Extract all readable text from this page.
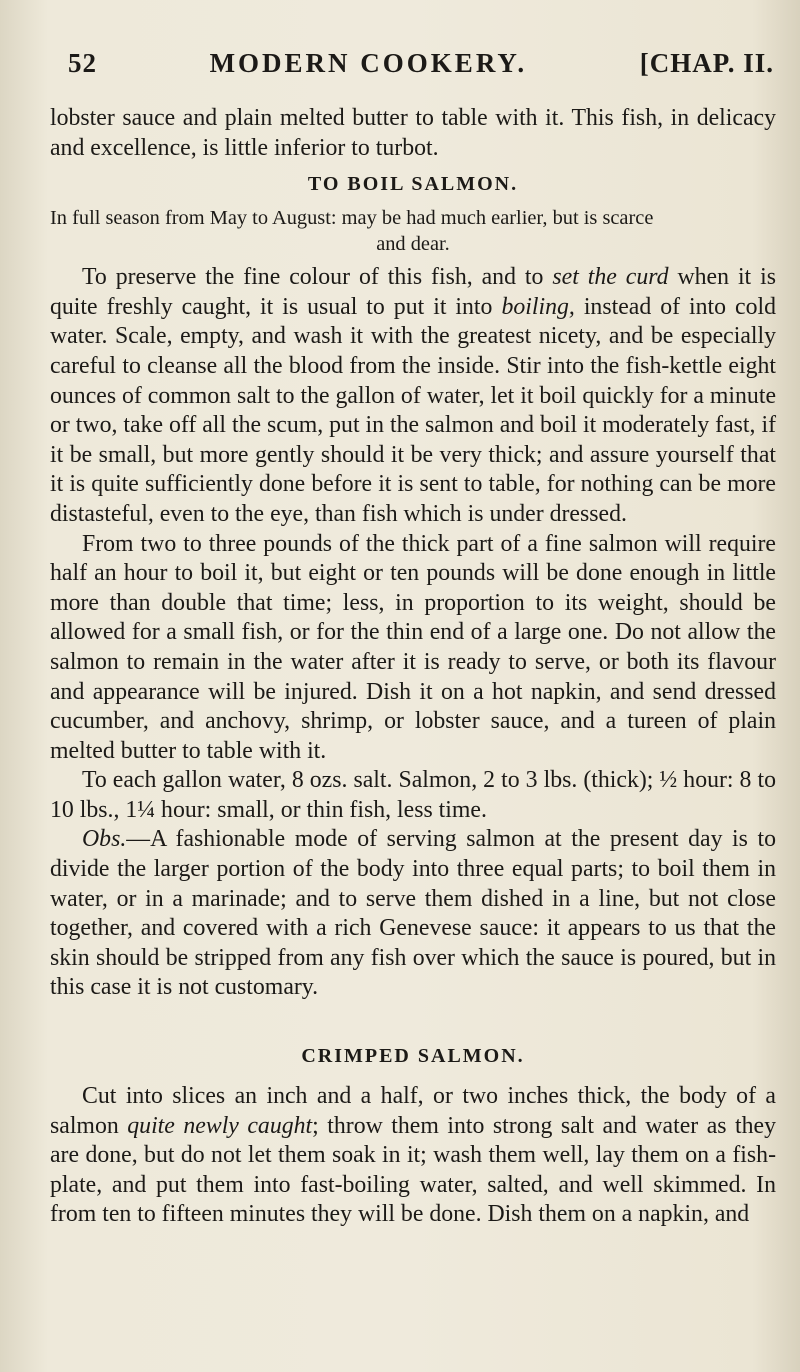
52	MODERN COOKERY.	[CHAP. II.

lobster sauce and plain melted butter to table with it. This fish, in delicacy and excellence, is little inferior to turbot.

TO BOIL SALMON.
In full season from May to August: may be had much earlier, but is scarce
and dear.

To preserve the fine colour of this fish, and to set the curd when it is quite freshly caught, it is usual to put it into boiling, instead of into cold water. Scale, empty, and wash it with the greatest nicety, and be especially careful to cleanse all the blood from the inside. Stir into the fish-kettle eight ounces of common salt to the gallon of water, let it boil quickly for a minute or two, take off all the scum, put in the salmon and boil it moderately fast, if it be small, but more gently should it be very thick; and assure yourself that it is quite sufficiently done before it is sent to table, for nothing can be more distasteful, even to the eye, than fish which is under dressed.

From two to three pounds of the thick part of a fine salmon will require half an hour to boil it, but eight or ten pounds will be done enough in little more than double that time; less, in proportion to its weight, should be allowed for a small fish, or for the thin end of a large one. Do not allow the salmon to remain in the water after it is ready to serve, or both its flavour and appearance will be injured. Dish it on a hot napkin, and send dressed cucumber, and anchovy, shrimp, or lobster sauce, and a tureen of plain melted butter to table with it.

To each gallon water, 8 ozs. salt. Salmon, 2 to 3 lbs. (thick); ½ hour: 8 to 10 lbs., 1¼ hour: small, or thin fish, less time.

Obs.—A fashionable mode of serving salmon at the present day is to divide the larger portion of the body into three equal parts; to boil them in water, or in a marinade; and to serve them dished in a line, but not close together, and covered with a rich Genevese sauce: it appears to us that the skin should be stripped from any fish over which the sauce is poured, but in this case it is not customary.

CRIMPED SALMON.

Cut into slices an inch and a half, or two inches thick, the body of a salmon quite newly caught; throw them into strong salt and water as they are done, but do not let them soak in it; wash them well, lay them on a fish-plate, and put them into fast-boiling water, salted, and well skimmed. In from ten to fifteen minutes they will be done. Dish them on a napkin, and
